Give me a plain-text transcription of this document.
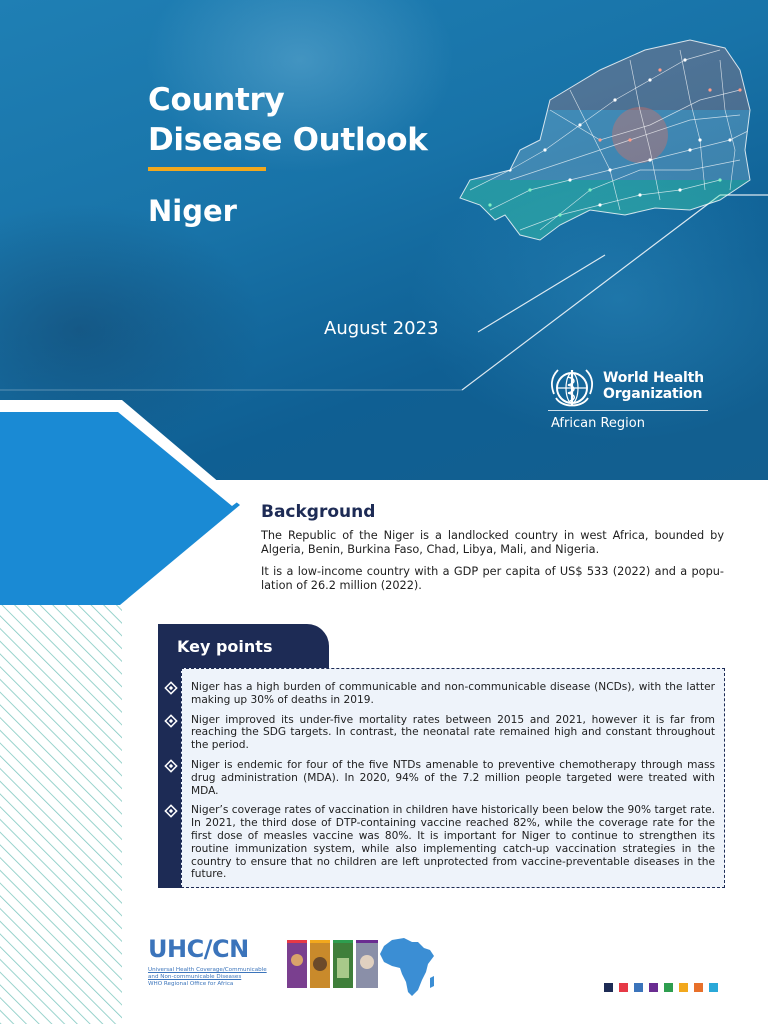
Country
Disease Outlook
Niger
August 2023
World Health
Organization
African Region
Background

The Republic of the Niger is a landlocked country in west Africa, bounded by Algeria, Benin, Burkina Faso, Chad, Libya, Mali, and Nigeria.

It is a low-income country with a GDP per capita of US$ 533 (2022) and a popu-lation of 26.2 million (2022).

Key points
Niger has a high burden of communicable and non-communicable disease (NCDs), with the latter making up 30% of deaths in 2019.
Niger improved its under-five mortality rates between 2015 and 2021, however it is far from reaching the SDG targets. In contrast, the neonatal rate remained high and constant throughout the period.
Niger is endemic for four of the five NTDs amenable to preventive chemotherapy through mass drug administration (MDA). In 2020, 94% of the 7.2 million people targeted were treated with MDA.
Niger’s coverage rates of vaccination in children have historically been below the 90% target rate. In 2021, the third dose of DTP-containing vaccine reached 82%, while the coverage rate for the first dose of measles vaccine was 80%. It is important for Niger to continue to strengthen its routine immunization system, while also implementing catch-up vaccination strategies in the country to ensure that no children are left unprotected from vaccine-preventable diseases in the future.
UHC/CN
Universal Health Coverage/Communicable
and Non-communicable Diseases
WHO Regional Office for Africa
